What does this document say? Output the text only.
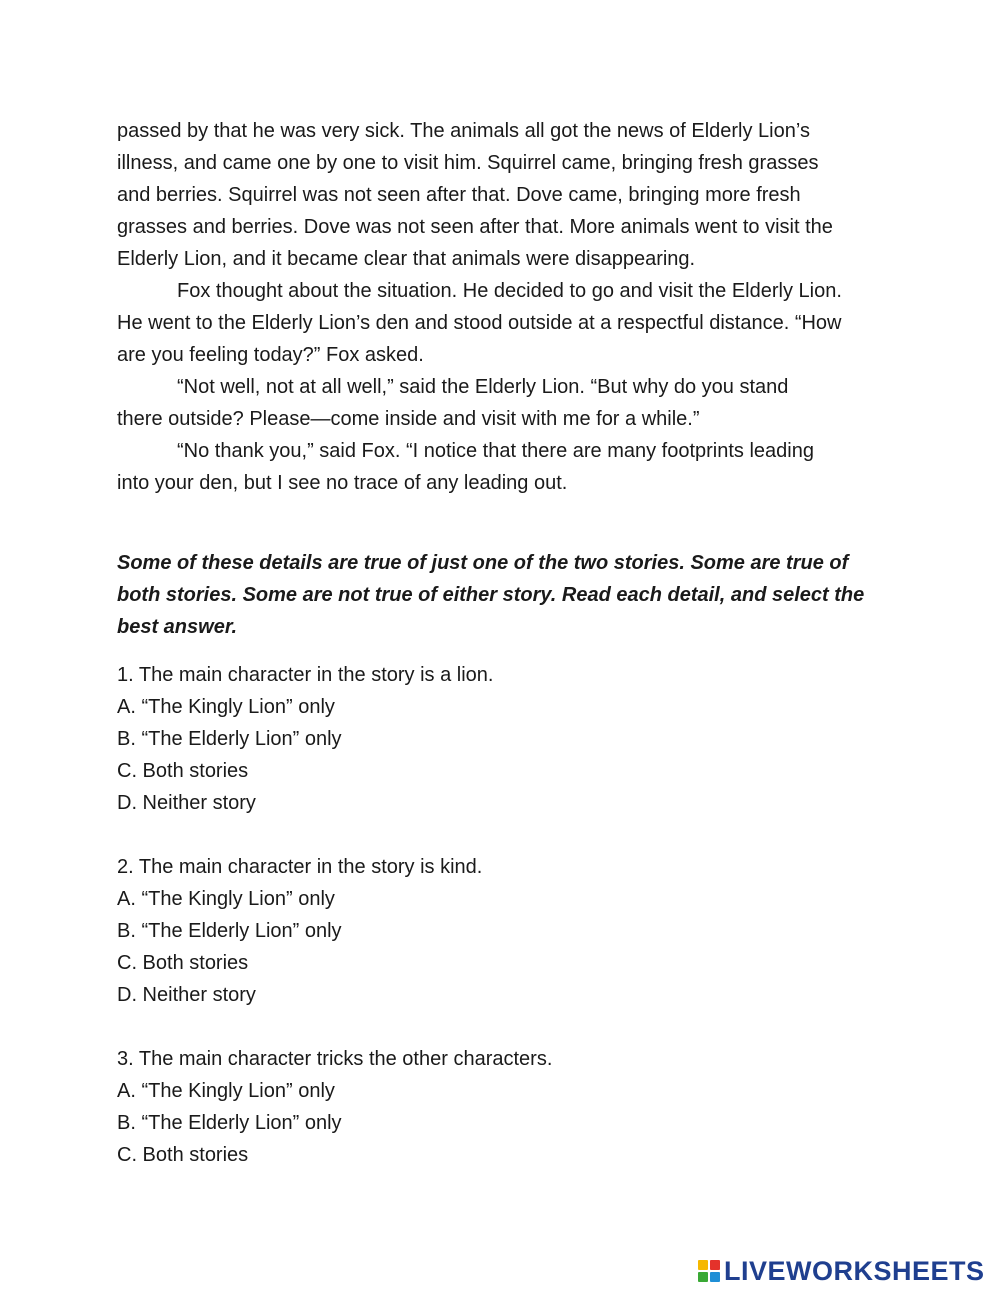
passed by that he was very sick. The animals all got the news of Elderly Lion’s
illness, and came one by one to visit him. Squirrel came, bringing fresh grasses
and berries. Squirrel was not seen after that. Dove came, bringing more fresh
grasses and berries. Dove was not seen after that. More animals went to visit the
Elderly Lion, and it became clear that animals were disappearing.
Fox thought about the situation. He decided to go and visit the Elderly Lion.
He went to the Elderly Lion’s den and stood outside at a respectful distance. “How
are you feeling today?” Fox asked.
“Not well, not at all well,” said the Elderly Lion. “But why do you stand
there outside? Please—come inside and visit with me for a while.”
“No thank you,” said Fox. “I notice that there are many footprints leading
into your den, but I see no trace of any leading out.
Some of these details are true of just one of the two stories. Some are true of
both stories. Some are not true of either story. Read each detail, and select the
best answer.
1. The main character in the story is a lion.
A. “The Kingly Lion” only
B. “The Elderly Lion” only
C. Both stories
D. Neither story
2. The main character in the story is kind.
A. “The Kingly Lion” only
B. “The Elderly Lion” only
C. Both stories
D. Neither story
3. The main character tricks the other characters.
A. “The Kingly Lion” only
B. “The Elderly Lion” only
C. Both stories
LIVEWORKSHEETS
